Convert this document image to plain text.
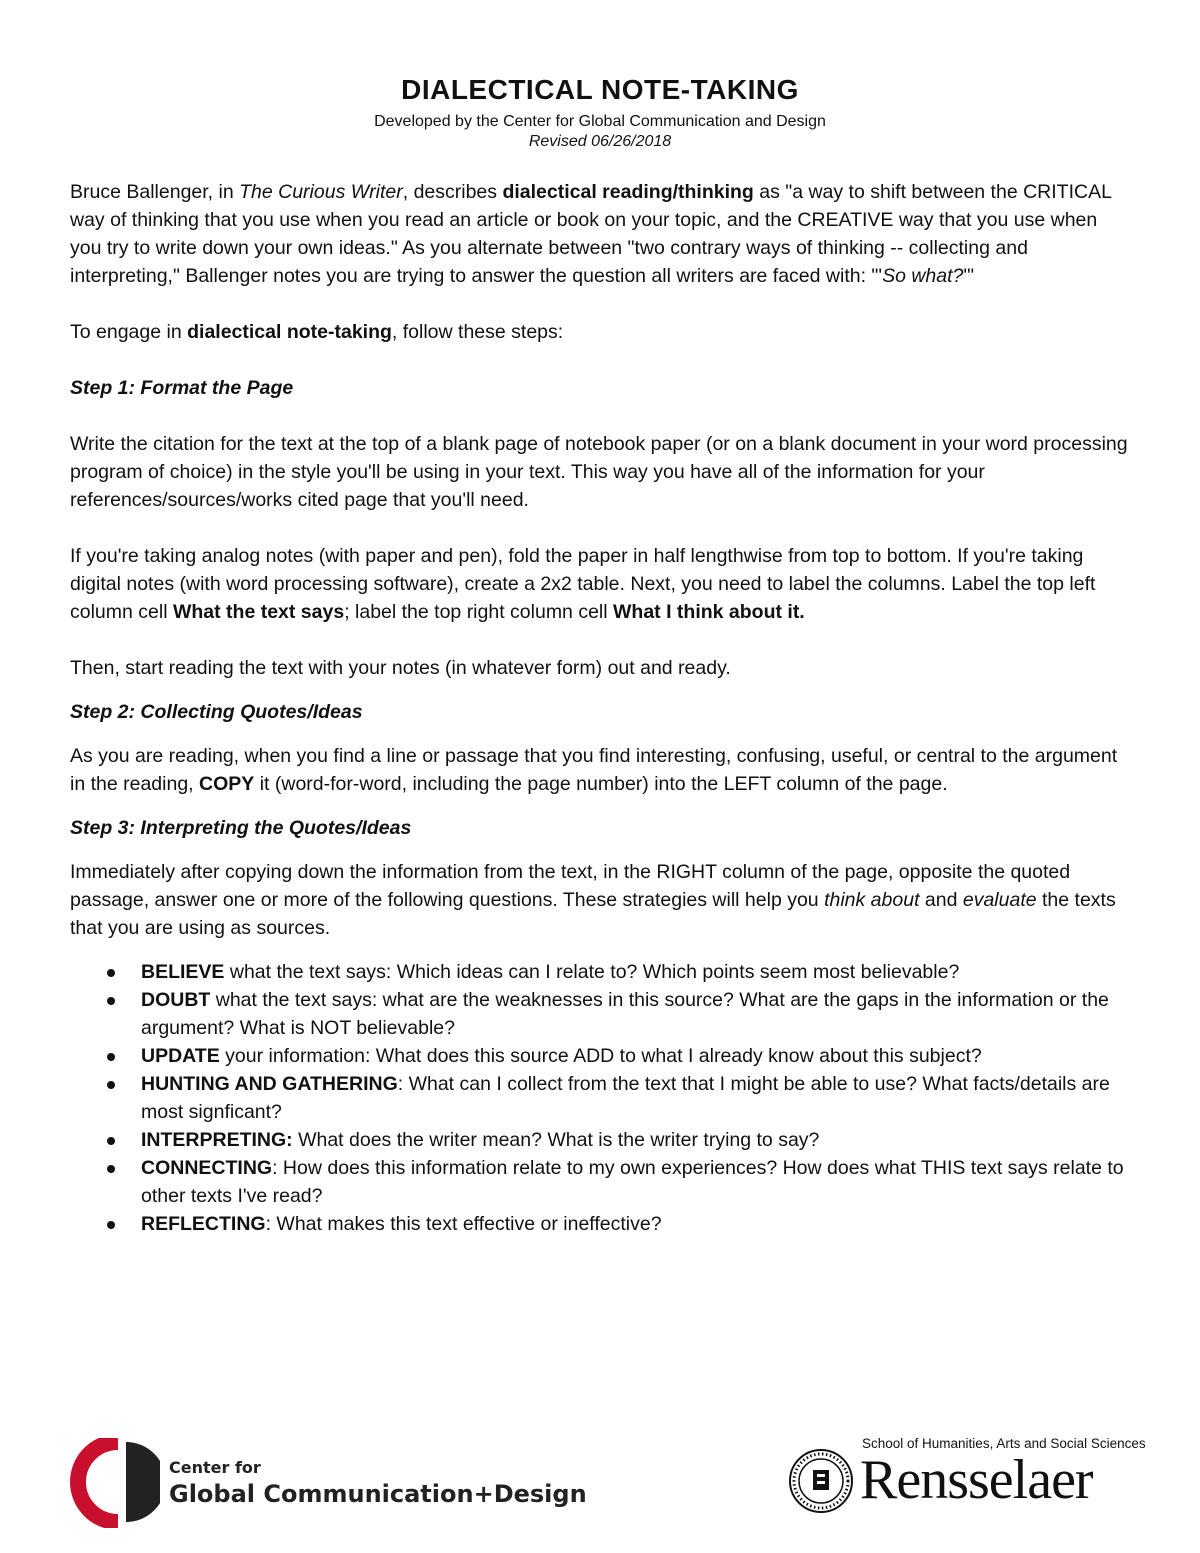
DIALECTICAL NOTE-TAKING
Developed by the Center for Global Communication and Design
Revised 06/26/2018

Bruce Ballenger, in The Curious Writer, describes dialectical reading/thinking as "a way to shift between the CRITICAL way of thinking that you use when you read an article or book on your topic, and the CREATIVE way that you use when you try to write down your own ideas." As you alternate between "two contrary ways of thinking -- collecting and interpreting," Ballenger notes you are trying to answer the question all writers are faced with: "'So what?'"

To engage in dialectical note-taking, follow these steps:

Step 1: Format the Page

Write the citation for the text at the top of a blank page of notebook paper (or on a blank document in your word processing program of choice) in the style you'll be using in your text. This way you have all of the information for your references/sources/works cited page that you'll need.

If you're taking analog notes (with paper and pen), fold the paper in half lengthwise from top to bottom. If you're taking digital notes (with word processing software), create a 2x2 table. Next, you need to label the columns. Label the top left column cell What the text says; label the top right column cell What I think about it.

Then, start reading the text with your notes (in whatever form) out and ready.

Step 2: Collecting Quotes/Ideas

As you are reading, when you find a line or passage that you find interesting, confusing, useful, or central to the argument in the reading, COPY it (word-for-word, including the page number) into the LEFT column of the page.

Step 3: Interpreting the Quotes/Ideas

Immediately after copying down the information from the text, in the RIGHT column of the page, opposite the quoted passage, answer one or more of the following questions. These strategies will help you think about and evaluate the texts that you are using as sources.

BELIEVE what the text says: Which ideas can I relate to? Which points seem most believable?
DOUBT what the text says: what are the weaknesses in this source? What are the gaps in the information or the argument? What is NOT believable?
UPDATE your information: What does this source ADD to what I already know about this subject?
HUNTING AND GATHERING: What can I collect from the text that I might be able to use? What facts/details are most signficant?
INTERPRETING: What does the writer mean? What is the writer trying to say?
CONNECTING: How does this information relate to my own experiences? How does what THIS text says relate to other texts I've read?
REFLECTING: What makes this text effective or ineffective?
Center for
Global Communication+Design
School of Humanities, Arts and Social Sciences
Rensselaer
